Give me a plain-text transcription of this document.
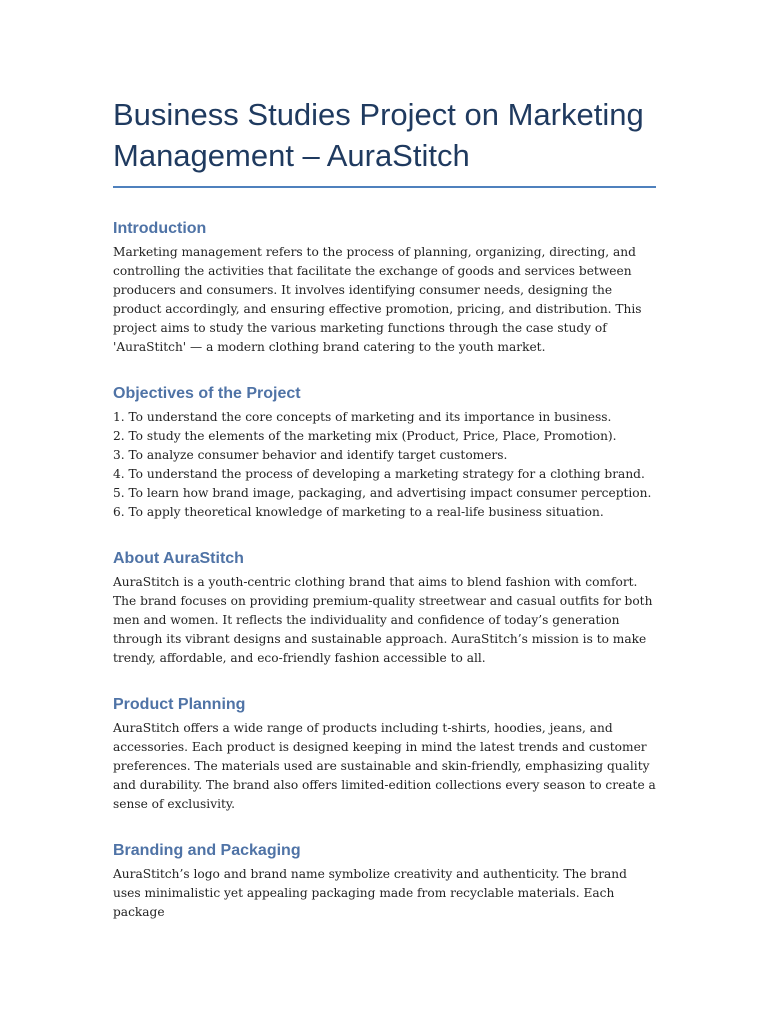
Business Studies Project on Marketing Management – AuraStitch
Introduction

Marketing management refers to the process of planning, organizing, directing, and controlling the activities that facilitate the exchange of goods and services between producers and consumers. It involves identifying consumer needs, designing the product accordingly, and ensuring effective promotion, pricing, and distribution. This project aims to study the various marketing functions through the case study of 'AuraStitch' — a modern clothing brand catering to the youth market.

Objectives of the Project
1. To understand the core concepts of marketing and its importance in business.
2. To study the elements of the marketing mix (Product, Price, Place, Promotion).
3. To analyze consumer behavior and identify target customers.
4. To understand the process of developing a marketing strategy for a clothing brand.
5. To learn how brand image, packaging, and advertising impact consumer perception.
6. To apply theoretical knowledge of marketing to a real-life business situation.
About AuraStitch

AuraStitch is a youth-centric clothing brand that aims to blend fashion with comfort. The brand focuses on providing premium-quality streetwear and casual outfits for both men and women. It reflects the individuality and confidence of today’s generation through its vibrant designs and sustainable approach. AuraStitch’s mission is to make trendy, affordable, and eco-friendly fashion accessible to all.

Product Planning

AuraStitch offers a wide range of products including t-shirts, hoodies, jeans, and accessories. Each product is designed keeping in mind the latest trends and customer preferences. The materials used are sustainable and skin-friendly, emphasizing quality and durability. The brand also offers limited-edition collections every season to create a sense of exclusivity.

Branding and Packaging

AuraStitch’s logo and brand name symbolize creativity and authenticity. The brand uses minimalistic yet appealing packaging made from recyclable materials. Each package
